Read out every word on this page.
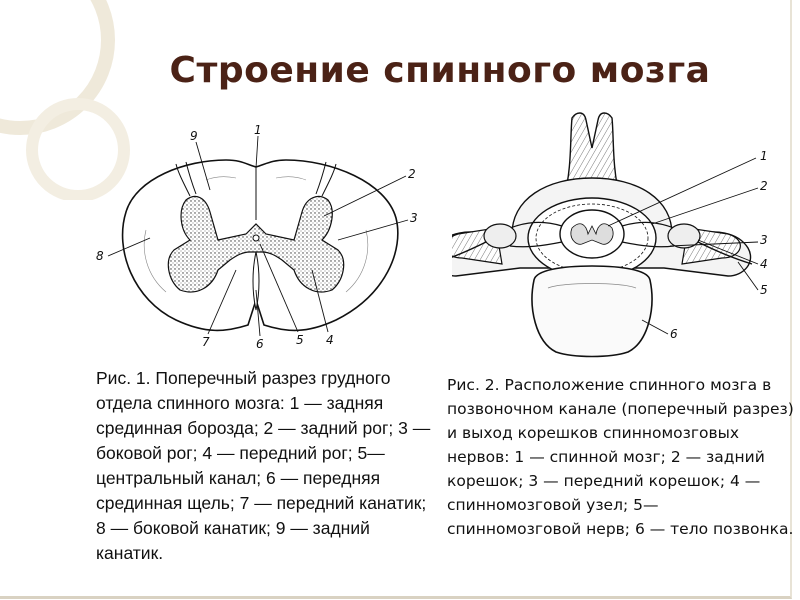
Строение спинного мозга
9	1
2
3
8
7	6	5 4
1
2
3
4
5
6
Рис. 1. Поперечный разрез грудного отдела спинного мозга: 1 — задняя срединная борозда; 2 — задний рог; 3 — боковой рог; 4 — передний рог; 5—центральный канал; 6 — передняя срединная щель; 7 — передний канатик; 8 — боковой канатик; 9 — задний канатик.
Рис. 2. Расположение спинного мозга в позвоночном канале (поперечный разрез) и выход корешков спинномозговых нервов: 1 — спинной мозг; 2 — задний корешок; 3 — передний корешок; 4 — спинномозговой узел; 5— спинномозговой нерв; 6 — тело позвонка.
